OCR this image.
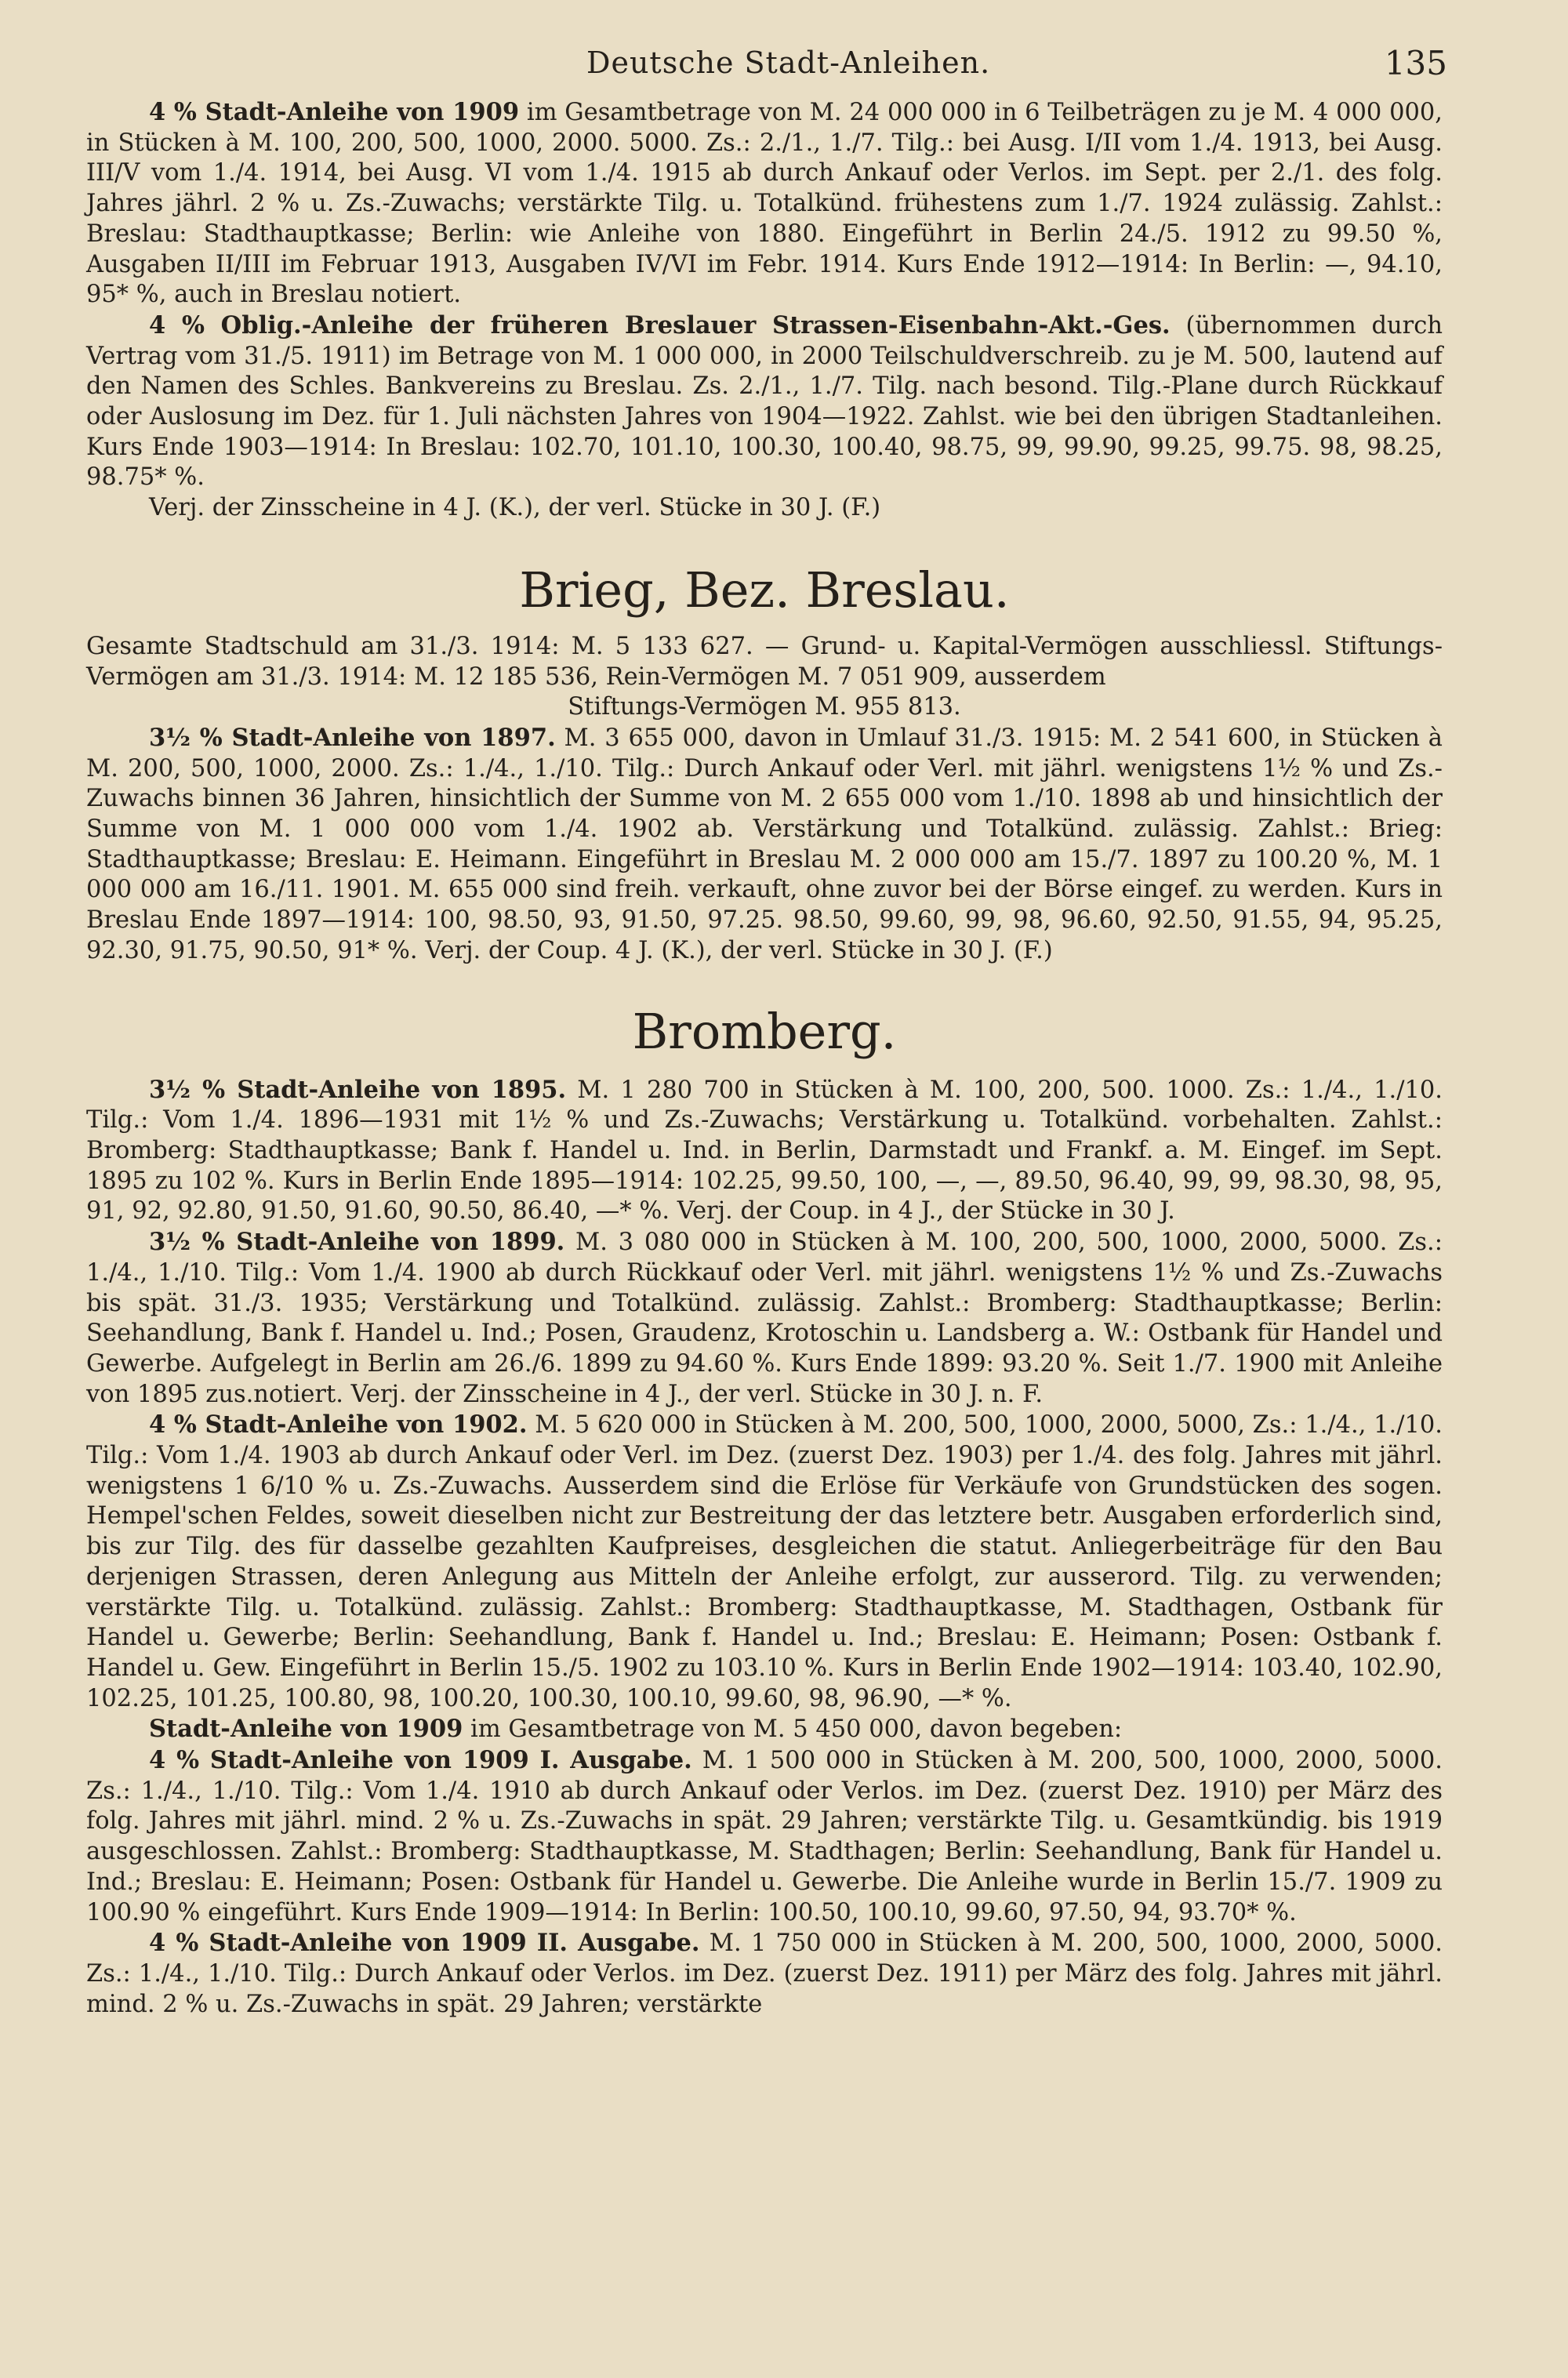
Deutsche Stadt-Anleihen.	135

4 % Stadt-Anleihe von 1909 im Gesamtbetrage von M. 24 000 000 in 6 Teilbeträgen zu je M. 4 000 000, in Stücken à M. 100, 200, 500, 1000, 2000. 5000. Zs.: 2./1., 1./7. Tilg.: bei Ausg. I/II vom 1./4. 1913, bei Ausg. III/V vom 1./4. 1914, bei Ausg. VI vom 1./4. 1915 ab durch Ankauf oder Verlos. im Sept. per 2./1. des folg. Jahres jährl. 2 % u. Zs.-Zuwachs; verstärkte Tilg. u. Totalkünd. frühestens zum 1./7. 1924 zulässig. Zahlst.: Breslau: Stadthauptkasse; Berlin: wie Anleihe von 1880. Eingeführt in Berlin 24./5. 1912 zu 99.50 %, Ausgaben II/III im Februar 1913, Ausgaben IV/VI im Febr. 1914. Kurs Ende 1912—1914: In Berlin: —, 94.10, 95* %, auch in Breslau notiert.

4 % Oblig.-Anleihe der früheren Breslauer Strassen-Eisenbahn-Akt.-Ges. (übernommen durch Vertrag vom 31./5. 1911) im Betrage von M. 1 000 000, in 2000 Teilschuldverschreib. zu je M. 500, lautend auf den Namen des Schles. Bankvereins zu Breslau. Zs. 2./1., 1./7. Tilg. nach besond. Tilg.-Plane durch Rückkauf oder Auslosung im Dez. für 1. Juli nächsten Jahres von 1904—1922. Zahlst. wie bei den übrigen Stadtanleihen. Kurs Ende 1903—1914: In Breslau: 102.70, 101.10, 100.30, 100.40, 98.75, 99, 99.90, 99.25, 99.75. 98, 98.25, 98.75* %.

Verj. der Zinsscheine in 4 J. (K.), der verl. Stücke in 30 J. (F.)

Brieg, Bez. Breslau.

Gesamte Stadtschuld am 31./3. 1914: M. 5 133 627. — Grund- u. Kapital-Vermögen ausschliessl. Stiftungs-Vermögen am 31./3. 1914: M. 12 185 536, Rein-Vermögen M. 7 051 909, ausserdem

Stiftungs-Vermögen M. 955 813.

3½ % Stadt-Anleihe von 1897. M. 3 655 000, davon in Umlauf 31./3. 1915: M. 2 541 600, in Stücken à M. 200, 500, 1000, 2000. Zs.: 1./4., 1./10. Tilg.: Durch Ankauf oder Verl. mit jährl. wenigstens 1½ % und Zs.-Zuwachs binnen 36 Jahren, hinsichtlich der Summe von M. 2 655 000 vom 1./10. 1898 ab und hinsichtlich der Summe von M. 1 000 000 vom 1./4. 1902 ab. Verstärkung und Totalkünd. zulässig. Zahlst.: Brieg: Stadthauptkasse; Breslau: E. Heimann. Eingeführt in Breslau M. 2 000 000 am 15./7. 1897 zu 100.20 %, M. 1 000 000 am 16./11. 1901. M. 655 000 sind freih. verkauft, ohne zuvor bei der Börse eingef. zu werden. Kurs in Breslau Ende 1897—1914: 100, 98.50, 93, 91.50, 97.25. 98.50, 99.60, 99, 98, 96.60, 92.50, 91.55, 94, 95.25, 92.30, 91.75, 90.50, 91* %. Verj. der Coup. 4 J. (K.), der verl. Stücke in 30 J. (F.)

Bromberg.

3½ % Stadt-Anleihe von 1895. M. 1 280 700 in Stücken à M. 100, 200, 500. 1000. Zs.: 1./4., 1./10. Tilg.: Vom 1./4. 1896—1931 mit 1½ % und Zs.-Zuwachs; Verstärkung u. Totalkünd. vorbehalten. Zahlst.: Bromberg: Stadthauptkasse; Bank f. Handel u. Ind. in Berlin, Darmstadt und Frankf. a. M. Eingef. im Sept. 1895 zu 102 %. Kurs in Berlin Ende 1895—1914: 102.25, 99.50, 100, —, —, 89.50, 96.40, 99, 99, 98.30, 98, 95, 91, 92, 92.80, 91.50, 91.60, 90.50, 86.40, —* %. Verj. der Coup. in 4 J., der Stücke in 30 J.

3½ % Stadt-Anleihe von 1899. M. 3 080 000 in Stücken à M. 100, 200, 500, 1000, 2000, 5000. Zs.: 1./4., 1./10. Tilg.: Vom 1./4. 1900 ab durch Rückkauf oder Verl. mit jährl. wenigstens 1½ % und Zs.-Zuwachs bis spät. 31./3. 1935; Verstärkung und Totalkünd. zulässig. Zahlst.: Bromberg: Stadthauptkasse; Berlin: Seehandlung, Bank f. Handel u. Ind.; Posen, Graudenz, Krotoschin u. Landsberg a. W.: Ostbank für Handel und Gewerbe. Aufgelegt in Berlin am 26./6. 1899 zu 94.60 %. Kurs Ende 1899: 93.20 %. Seit 1./7. 1900 mit Anleihe von 1895 zus.notiert. Verj. der Zinsscheine in 4 J., der verl. Stücke in 30 J. n. F.

4 % Stadt-Anleihe von 1902. M. 5 620 000 in Stücken à M. 200, 500, 1000, 2000, 5000, Zs.: 1./4., 1./10. Tilg.: Vom 1./4. 1903 ab durch Ankauf oder Verl. im Dez. (zuerst Dez. 1903) per 1./4. des folg. Jahres mit jährl. wenigstens 1 6/10 % u. Zs.-Zuwachs. Ausserdem sind die Erlöse für Verkäufe von Grundstücken des sogen. Hempel'schen Feldes, soweit dieselben nicht zur Bestreitung der das letztere betr. Ausgaben erforderlich sind, bis zur Tilg. des für dasselbe gezahlten Kaufpreises, desgleichen die statut. Anliegerbeiträge für den Bau derjenigen Strassen, deren Anlegung aus Mitteln der Anleihe erfolgt, zur ausserord. Tilg. zu verwenden; verstärkte Tilg. u. Totalkünd. zulässig. Zahlst.: Bromberg: Stadthauptkasse, M. Stadthagen, Ostbank für Handel u. Gewerbe; Berlin: Seehandlung, Bank f. Handel u. Ind.; Breslau: E. Heimann; Posen: Ostbank f. Handel u. Gew. Eingeführt in Berlin 15./5. 1902 zu 103.10 %. Kurs in Berlin Ende 1902—1914: 103.40, 102.90, 102.25, 101.25, 100.80, 98, 100.20, 100.30, 100.10, 99.60, 98, 96.90, —* %.

Stadt-Anleihe von 1909 im Gesamtbetrage von M. 5 450 000, davon begeben:

4 % Stadt-Anleihe von 1909 I. Ausgabe. M. 1 500 000 in Stücken à M. 200, 500, 1000, 2000, 5000. Zs.: 1./4., 1./10. Tilg.: Vom 1./4. 1910 ab durch Ankauf oder Verlos. im Dez. (zuerst Dez. 1910) per März des folg. Jahres mit jährl. mind. 2 % u. Zs.-Zuwachs in spät. 29 Jahren; verstärkte Tilg. u. Gesamtkündig. bis 1919 ausgeschlossen. Zahlst.: Bromberg: Stadthauptkasse, M. Stadthagen; Berlin: Seehandlung, Bank für Handel u. Ind.; Breslau: E. Heimann; Posen: Ostbank für Handel u. Gewerbe. Die Anleihe wurde in Berlin 15./7. 1909 zu 100.90 % eingeführt. Kurs Ende 1909—1914: In Berlin: 100.50, 100.10, 99.60, 97.50, 94, 93.70* %.

4 % Stadt-Anleihe von 1909 II. Ausgabe. M. 1 750 000 in Stücken à M. 200, 500, 1000, 2000, 5000. Zs.: 1./4., 1./10. Tilg.: Durch Ankauf oder Verlos. im Dez. (zuerst Dez. 1911) per März des folg. Jahres mit jährl. mind. 2 % u. Zs.-Zuwachs in spät. 29 Jahren; verstärkte
